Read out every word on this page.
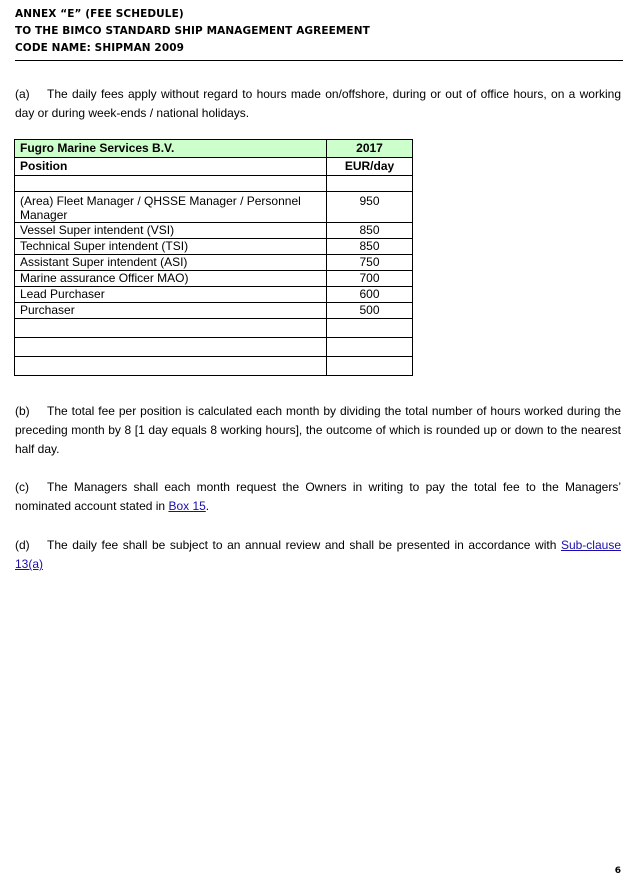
ANNEX “E” (FEE SCHEDULE)
TO THE BIMCO STANDARD SHIP MANAGEMENT AGREEMENT
CODE NAME: SHIPMAN 2009

(a) The daily fees apply without regard to hours made on/offshore, during or out of office hours, on a working day or during week-ends / national holidays.

Fugro Marine Services B.V.	2017
Position	EUR/day

(Area) Fleet Manager / QHSSE Manager / Personnel Manager	950
Vessel Super intendent (VSI)	850
Technical Super intendent (TSI)	850
Assistant Super intendent (ASI)	750
Marine assurance Officer MAO)	700
Lead Purchaser	600
Purchaser	500

(b) The total fee per position is calculated each month by dividing the total number of hours worked during the preceding month by 8 [1 day equals 8 working hours], the outcome of which is rounded up or down to the nearest half day.

(c) The Managers shall each month request the Owners in writing to pay the total fee to the Managers’ nominated account stated in Box 15.

(d) The daily fee shall be subject to an annual review and shall be presented in accordance with Sub-clause 13(a)

6
